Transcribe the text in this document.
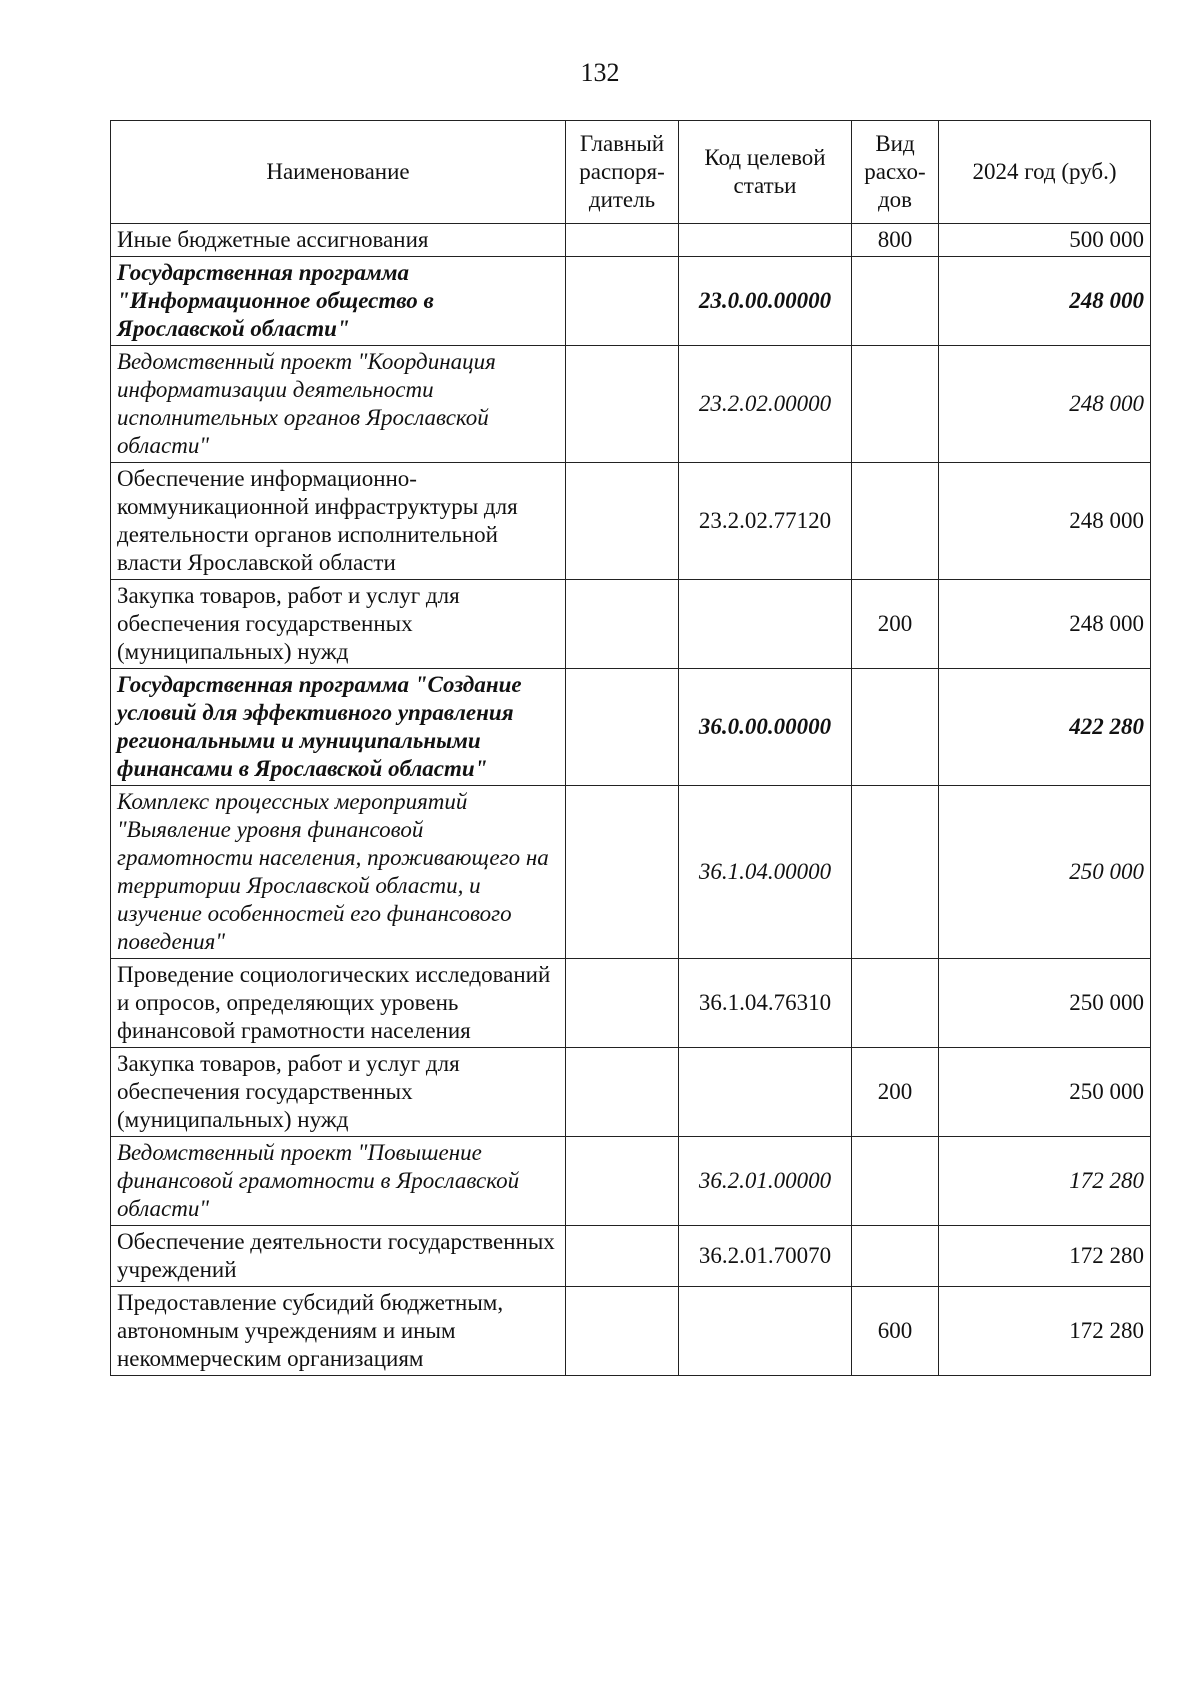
132
Наименование	Главный распоря-дитель	Код целевой статьи	Вид расхо-дов	2024 год (руб.)
Иные бюджетные ассигнования			800	500 000
Государственная программа "Информационное общество в Ярославской области"		23.0.00.00000		248 000
Ведомственный проект "Координация информатизации деятельности исполнительных органов Ярославской области"		23.2.02.00000		248 000
Обеспечение информационно-коммуникационной инфраструктуры для деятельности органов исполнительной власти Ярославской области		23.2.02.77120		248 000
Закупка товаров, работ и услуг для обеспечения государственных (муниципальных) нужд			200	248 000
Государственная программа "Создание условий для эффективного управления региональными и муниципальными финансами в Ярославской области"		36.0.00.00000		422 280
Комплекс процессных мероприятий "Выявление уровня финансовой грамотности населения, проживающего на территории Ярославской области, и изучение особенностей его финансового поведения"		36.1.04.00000		250 000
Проведение социологических исследований и опросов, определяющих уровень финансовой грамотности населения		36.1.04.76310		250 000
Закупка товаров, работ и услуг для обеспечения государственных (муниципальных) нужд			200	250 000
Ведомственный проект "Повышение финансовой грамотности в Ярославской области"		36.2.01.00000		172 280
Обеспечение деятельности государственных учреждений		36.2.01.70070		172 280
Предоставление субсидий бюджетным, автономным учреждениям и иным некоммерческим организациям			600	172 280
